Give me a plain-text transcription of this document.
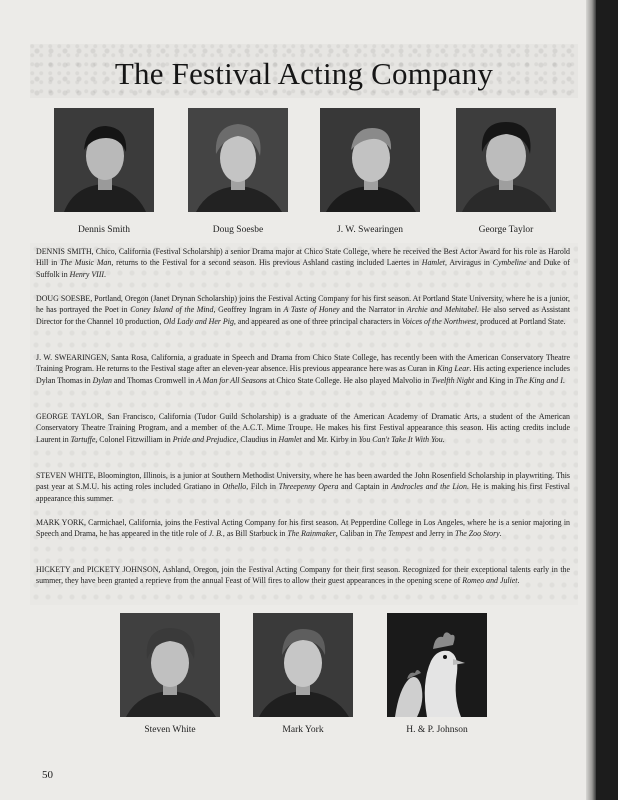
The Festival Acting Company
Dennis Smith	Doug Soesbe	J. W. Swearingen	George Taylor
DENNIS SMITH, Chico, California (Festival Scholarship) a senior Drama major at Chico State College, where he received the Best Actor Award for his role as Harold Hill in The Music Man, returns to the Festival for a second season. His previous Ashland casting included Laertes in Hamlet, Arviragus in Cymbeline and Duke of Suffolk in Henry VIII.
DOUG SOESBE, Portland, Oregon (Janet Drynan Scholarship) joins the Festival Acting Company for his first season. At Portland State University, where he is a junior, he has portrayed the Poet in Coney Island of the Mind, Geoffrey Ingram in A Taste of Honey and the Narrator in Archie and Mehitabel. He also served as Assistant Director for the Channel 10 production, Old Lady and Her Pig, and appeared as one of three principal characters in Voices of the Northwest, produced at Portland State.
J. W. SWEARINGEN, Santa Rosa, California, a graduate in Speech and Drama from Chico State College, has recently been with the American Conservatory Theatre Training Program. He returns to the Festival stage after an eleven-year absence. His previous appearance here was as Curan in King Lear. His acting experience includes Dylan Thomas in Dylan and Thomas Cromwell in A Man for All Seasons at Chico State College. He also played Malvolio in Twelfth Night and King in The King and I.
GEORGE TAYLOR, San Francisco, California (Tudor Guild Scholarship) is a graduate of the American Academy of Dramatic Arts, a student of the American Conservatory Theatre Training Program, and a member of the A.C.T. Mime Troupe. He makes his first Festival appearance this season. His acting credits include Laurent in Tartuffe, Colonel Fitzwilliam in Pride and Prejudice, Claudius in Hamlet and Mr. Kirby in You Can't Take It With You.
STEVEN WHITE, Bloomington, Illinois, is a junior at Southern Methodist University, where he has been awarded the John Rosenfield Scholarship in playwriting. This past year at S.M.U. his acting roles included Gratiano in Othello, Filch in Threepenny Opera and Captain in Androcles and the Lion. He is making his first Festival appearance this summer.
MARK YORK, Carmichael, California, joins the Festival Acting Company for his first season. At Pepperdine College in Los Angeles, where he is a senior majoring in Speech and Drama, he has appeared in the title role of J. B., as Bill Starbuck in The Rainmaker, Caliban in The Tempest and Jerry in The Zoo Story.
HICKETY and PICKETY JOHNSON, Ashland, Oregon, join the Festival Acting Company for their first season. Recognized for their exceptional talents early in the summer, they have been granted a reprieve from the annual Feast of Will fires to allow their guest appearances in the opening scene of Romeo and Juliet.
Steven White	Mark York	H. & P. Johnson
50
